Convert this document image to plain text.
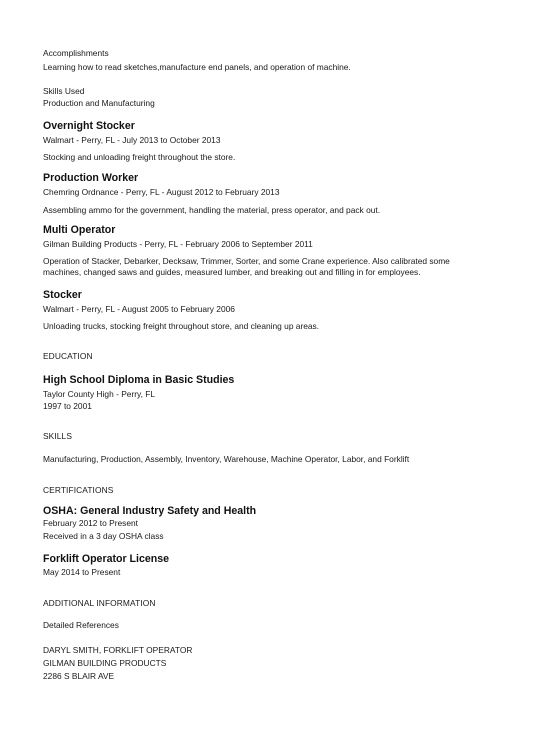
Accomplishments
Learning how to read sketches,manufacture end panels, and operation of machine.
Skills Used
Production and Manufacturing
Overnight Stocker
Walmart - Perry, FL - July 2013 to October 2013
Stocking and unloading freight throughout the store.
Production Worker
Chemring Ordnance - Perry, FL - August 2012 to February 2013
Assembling ammo for the government, handling the material, press operator, and pack out.
Multi Operator
Gilman Building Products - Perry, FL - February 2006 to September 2011
Operation of Stacker, Debarker, Decksaw, Trimmer, Sorter, and some Crane experience. Also calibrated some machines, changed saws and guides, measured lumber, and breaking out and filling in for employees.
Stocker
Walmart - Perry, FL - August 2005 to February 2006
Unloading trucks, stocking freight throughout store, and cleaning up areas.
EDUCATION
High School Diploma in Basic Studies
Taylor County High - Perry, FL
1997 to 2001
SKILLS
Manufacturing, Production, Assembly, Inventory, Warehouse, Machine Operator, Labor, and Forklift
CERTIFICATIONS
OSHA: General Industry Safety and Health
February 2012 to Present
Received in a 3 day OSHA class
Forklift Operator License
May 2014 to Present
ADDITIONAL INFORMATION
Detailed References
DARYL SMITH, FORKLIFT OPERATOR
GILMAN BUILDING PRODUCTS
2286 S BLAIR AVE
